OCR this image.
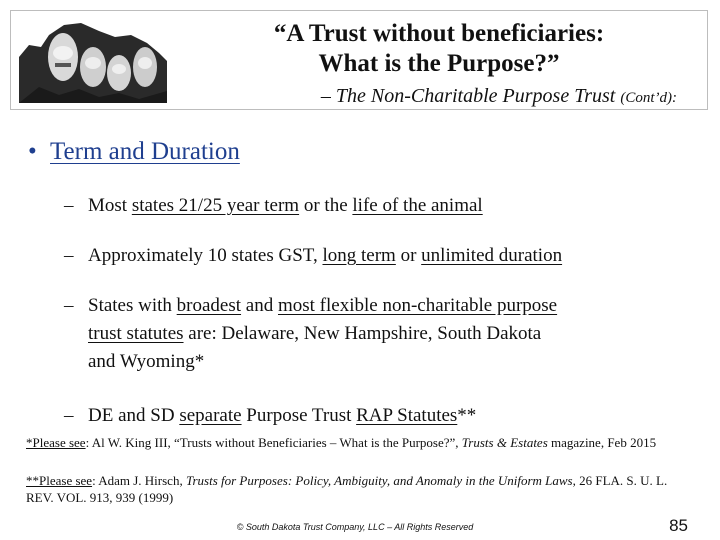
“A Trust without beneficiaries:
What is the Purpose?”
– The Non-Charitable Purpose Trust (Cont’d):
• Term and Duration
– Most states 21/25 year term or the life of the animal
– Approximately 10 states GST, long term or unlimited duration
– States with broadest and most flexible non-charitable purpose
trust statutes are: Delaware, New Hampshire, South Dakota
and Wyoming*
– DE and SD separate Purpose Trust RAP Statutes**
*Please see: Al W. King III, “Trusts without Beneficiaries – What is the Purpose?”, Trusts & Estates magazine, Feb 2015
**Please see: Adam J. Hirsch, Trusts for Purposes: Policy, Ambiguity, and Anomaly in the Uniform Laws, 26 FLA. S. U. L. REV. VOL. 913, 939 (1999)
© South Dakota Trust Company, LLC – All Rights Reserved	85
